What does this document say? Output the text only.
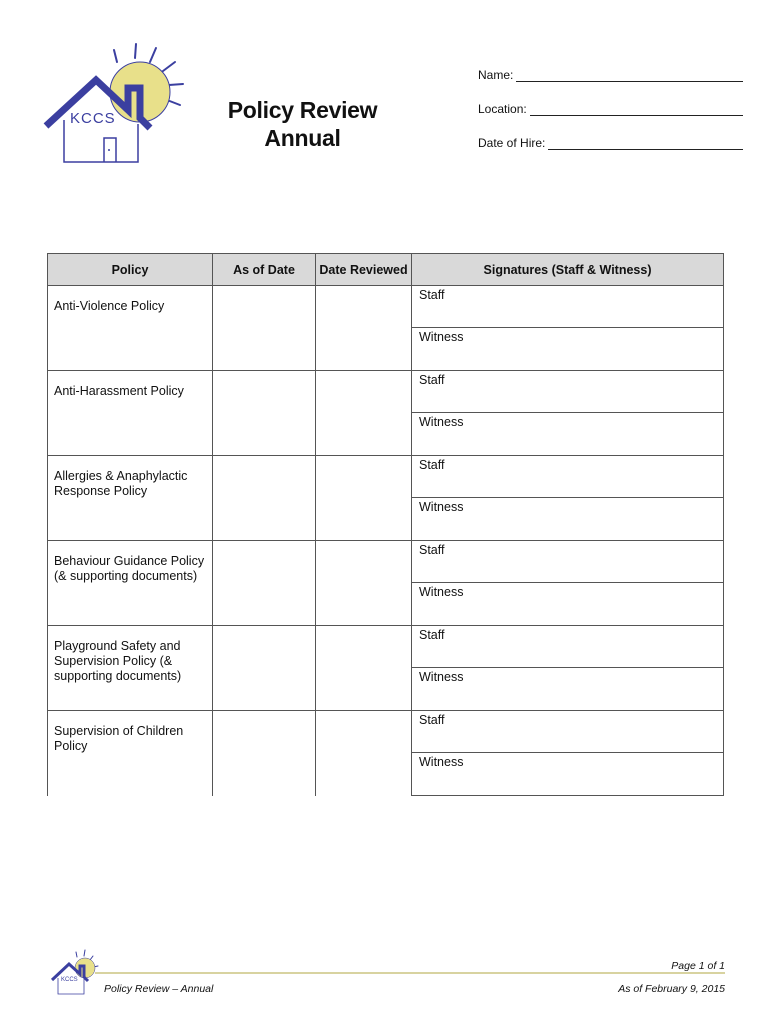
KCCS	Policy Review
Annual
Name:
Location:
Date of Hire:
Policy	As of Date	Date Reviewed	Signatures (Staff & Witness)
Anti-Violence Policy			Staff
			Witness
Anti-Harassment Policy			Staff
			Witness
Allergies & Anaphylactic Response Policy			Staff
			Witness
Behaviour Guidance Policy (& supporting documents)			Staff
			Witness
Playground Safety and Supervision Policy (& supporting documents)			Staff
			Witness
Supervision of Children Policy			Staff
			Witness
KCCS
Policy Review – Annual
Page 1 of 1
As of February 9, 2015
